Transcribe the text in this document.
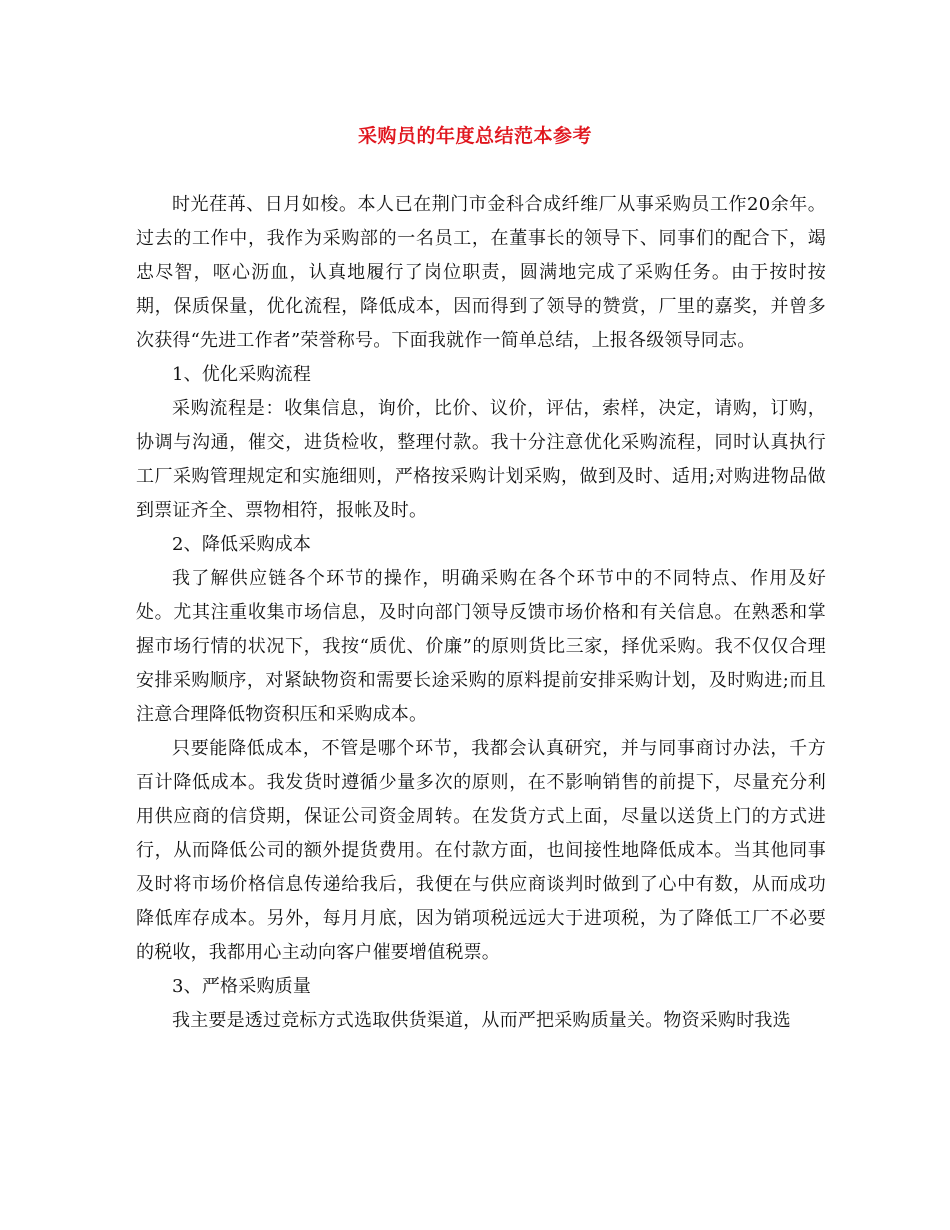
采购员的年度总结范本参考

时光荏苒、日月如梭。本人已在荆门市金科合成纤维厂从事采购员工作20余年。过去的工作中，我作为采购部的一名员工，在董事长的领导下、同事们的配合下，竭忠尽智，呕心沥血，认真地履行了岗位职责，圆满地完成了采购任务。由于按时按期，保质保量，优化流程，降低成本，因而得到了领导的赞赏，厂里的嘉奖，并曾多次获得“先进工作者”荣誉称号。下面我就作一简单总结，上报各级领导同志。

1、优化采购流程

采购流程是：收集信息，询价，比价、议价，评估，索样，决定，请购，订购，协调与沟通，催交，进货检收，整理付款。我十分注意优化采购流程，同时认真执行工厂采购管理规定和实施细则，严格按采购计划采购，做到及时、适用;对购进物品做到票证齐全、票物相符，报帐及时。

2、降低采购成本

我了解供应链各个环节的操作，明确采购在各个环节中的不同特点、作用及好处。尤其注重收集市场信息，及时向部门领导反馈市场价格和有关信息。在熟悉和掌握市场行情的状况下，我按“质优、价廉”的原则货比三家，择优采购。我不仅仅合理安排采购顺序，对紧缺物资和需要长途采购的原料提前安排采购计划，及时购进;而且注意合理降低物资积压和采购成本。

只要能降低成本，不管是哪个环节，我都会认真研究，并与同事商讨办法，千方百计降低成本。我发货时遵循少量多次的原则，在不影响销售的前提下，尽量充分利用供应商的信贷期，保证公司资金周转。在发货方式上面，尽量以送货上门的方式进行，从而降低公司的额外提货费用。在付款方面，也间接性地降低成本。当其他同事及时将市场价格信息传递给我后，我便在与供应商谈判时做到了心中有数，从而成功降低库存成本。另外，每月月底，因为销项税远远大于进项税，为了降低工厂不必要的税收，我都用心主动向客户催要增值税票。

3、严格采购质量

我主要是透过竞标方式选取供货渠道，从而严把采购质量关。物资采购时我选
